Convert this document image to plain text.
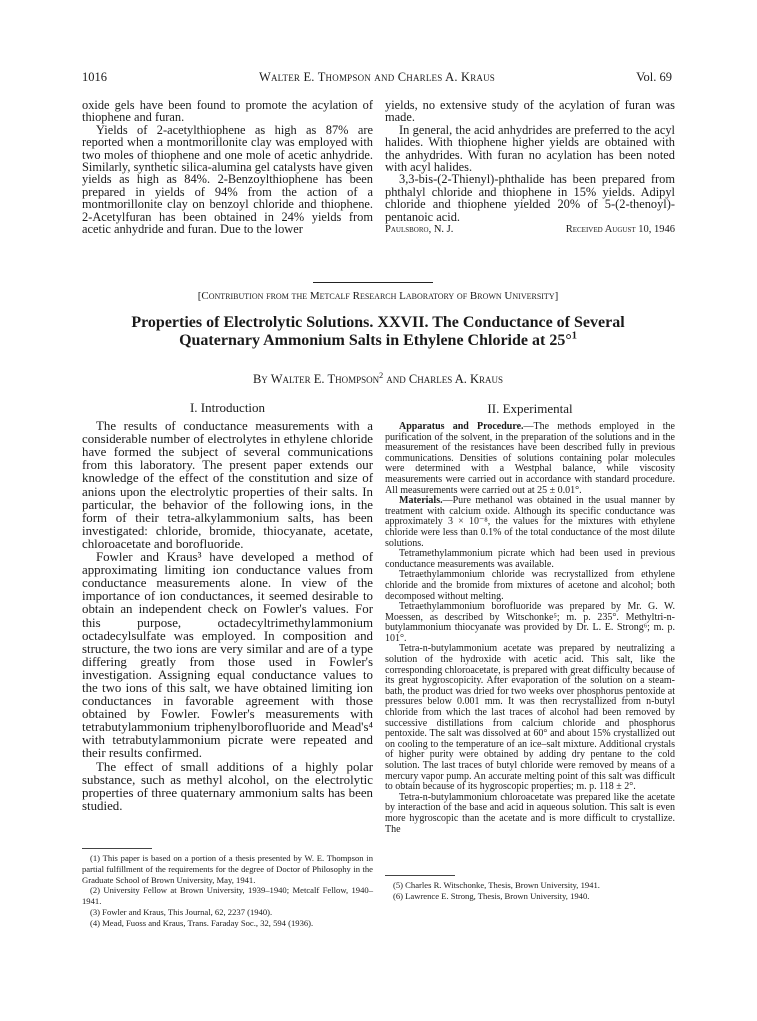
1016	Walter E. Thompson and Charles A. Kraus	Vol. 69

oxide gels have been found to promote the acylation of thiophene and furan.

Yields of 2-acetylthiophene as high as 87% are reported when a montmorillonite clay was employed with two moles of thiophene and one mole of acetic anhydride. Similarly, synthetic silica-alumina gel catalysts have given yields as high as 84%. 2-Benzoylthiophene has been prepared in yields of 94% from the action of a montmorillonite clay on benzoyl chloride and thiophene. 2-Acetylfuran has been obtained in 24% yields from acetic anhydride and furan. Due to the lower

yields, no extensive study of the acylation of furan was made.

In general, the acid anhydrides are preferred to the acyl halides. With thiophene higher yields are obtained with the anhydrides. With furan no acylation has been noted with acyl halides.

3,3-bis-(2-Thienyl)-phthalide has been prepared from phthalyl chloride and thiophene in 15% yields. Adipyl chloride and thiophene yielded 20% of 5-(2-thenoyl)-pentanoic acid.

Paulsboro, N. J.	Received August 10, 1946
[Contribution from the Metcalf Research Laboratory of Brown University]
Properties of Electrolytic Solutions. XXVII. The Conductance of Several
Quaternary Ammonium Salts in Ethylene Chloride at 25°$^1$
By Walter E. Thompson$^2$ and Charles A. Kraus
I. Introduction

The results of conductance measurements with a considerable number of electrolytes in ethylene chloride have formed the subject of several communications from this laboratory. The present paper extends our knowledge of the effect of the constitution and size of anions upon the electrolytic properties of their salts. In particular, the behavior of the following ions, in the form of their tetra-alkylammonium salts, has been investigated: chloride, bromide, thiocyanate, acetate, chloroacetate and borofluoride.

Fowler and Kraus³ have developed a method of approximating limiting ion conductance values from conductance measurements alone. In view of the importance of ion conductances, it seemed desirable to obtain an independent check on Fowler's values. For this purpose, octadecyltrimethylammonium octadecylsulfate was employed. In composition and structure, the two ions are very similar and are of a type differing greatly from those used in Fowler's investigation. Assigning equal conductance values to the two ions of this salt, we have obtained limiting ion conductances in favorable agreement with those obtained by Fowler. Fowler's measurements with tetrabutylammonium triphenylborofluoride and Mead's⁴ with tetrabutylammonium picrate were repeated and their results confirmed.

The effect of small additions of a highly polar substance, such as methyl alcohol, on the electrolytic properties of three quaternary ammonium salts has been studied.

(1) This paper is based on a portion of a thesis presented by W. E. Thompson in partial fulfillment of the requirements for the degree of Doctor of Philosophy in the Graduate School of Brown University, May, 1941.

(2) University Fellow at Brown University, 1939–1940; Metcalf Fellow, 1940–1941.

(3) Fowler and Kraus, This Journal, 62, 2237 (1940).

(4) Mead, Fuoss and Kraus, Trans. Faraday Soc., 32, 594 (1936).

II. Experimental

Apparatus and Procedure.—The methods employed in the purification of the solvent, in the preparation of the solutions and in the measurement of the resistances have been described fully in previous communications. Densities of solutions containing polar molecules were determined with a Westphal balance, while viscosity measurements were carried out in accordance with standard procedure. All measurements were carried out at 25 ± 0.01°.

Materials.—Pure methanol was obtained in the usual manner by treatment with calcium oxide. Although its specific conductance was approximately 3 × 10⁻⁸, the values for the mixtures with ethylene chloride were less than 0.1% of the total conductance of the most dilute solutions.

Tetramethylammonium picrate which had been used in previous conductance measurements was available.

Tetraethylammonium chloride was recrystallized from ethylene chloride and the bromide from mixtures of acetone and alcohol; both decomposed without melting.

Tetraethylammonium borofluoride was prepared by Mr. G. W. Moessen, as described by Witschonke⁵; m. p. 235°. Methyltri-n-butylammonium thiocyanate was provided by Dr. L. E. Strong⁶; m. p. 101°.

Tetra-n-butylammonium acetate was prepared by neutralizing a solution of the hydroxide with acetic acid. This salt, like the corresponding chloroacetate, is prepared with great difficulty because of its great hygroscopicity. After evaporation of the solution on a steam-bath, the product was dried for two weeks over phosphorus pentoxide at pressures below 0.001 mm. It was then recrystallized from n-butyl chloride from which the last traces of alcohol had been removed by successive distillations from calcium chloride and phosphorus pentoxide. The salt was dissolved at 60° and about 15% crystallized out on cooling to the temperature of an ice–salt mixture. Additional crystals of higher purity were obtained by adding dry pentane to the cold solution. The last traces of butyl chloride were removed by means of a mercury vapor pump. An accurate melting point of this salt was difficult to obtain because of its hygroscopic properties; m. p. 118 ± 2°.

Tetra-n-butylammonium chloroacetate was prepared like the acetate by interaction of the base and acid in aqueous solution. This salt is even more hygroscopic than the acetate and is more difficult to crystallize. The

(5) Charles R. Witschonke, Thesis, Brown University, 1941.

(6) Lawrence E. Strong, Thesis, Brown University, 1940.
